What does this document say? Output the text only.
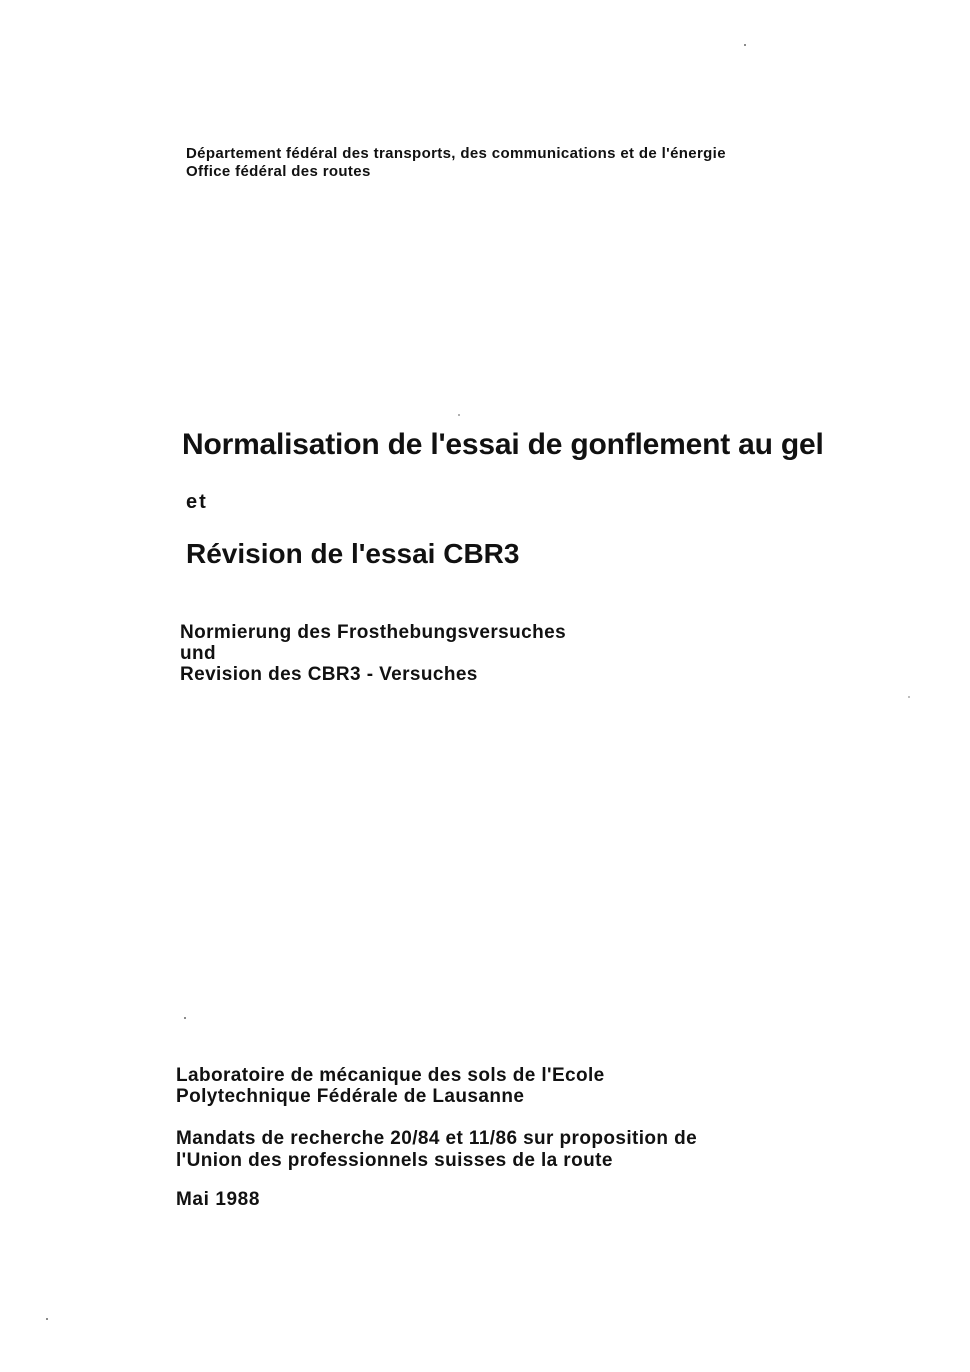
Département fédéral des transports, des communications et de l'énergie
Office fédéral des routes
Normalisation de l'essai de gonflement au gel
et
Révision de l'essai CBR3
Normierung des Frosthebungsversuches
und
Revision des CBR3 - Versuches
Laboratoire de mécanique des sols de l'Ecole
Polytechnique Fédérale de Lausanne
Mandats de recherche 20/84 et 11/86 sur proposition de
l'Union des professionnels suisses de la route
Mai 1988
